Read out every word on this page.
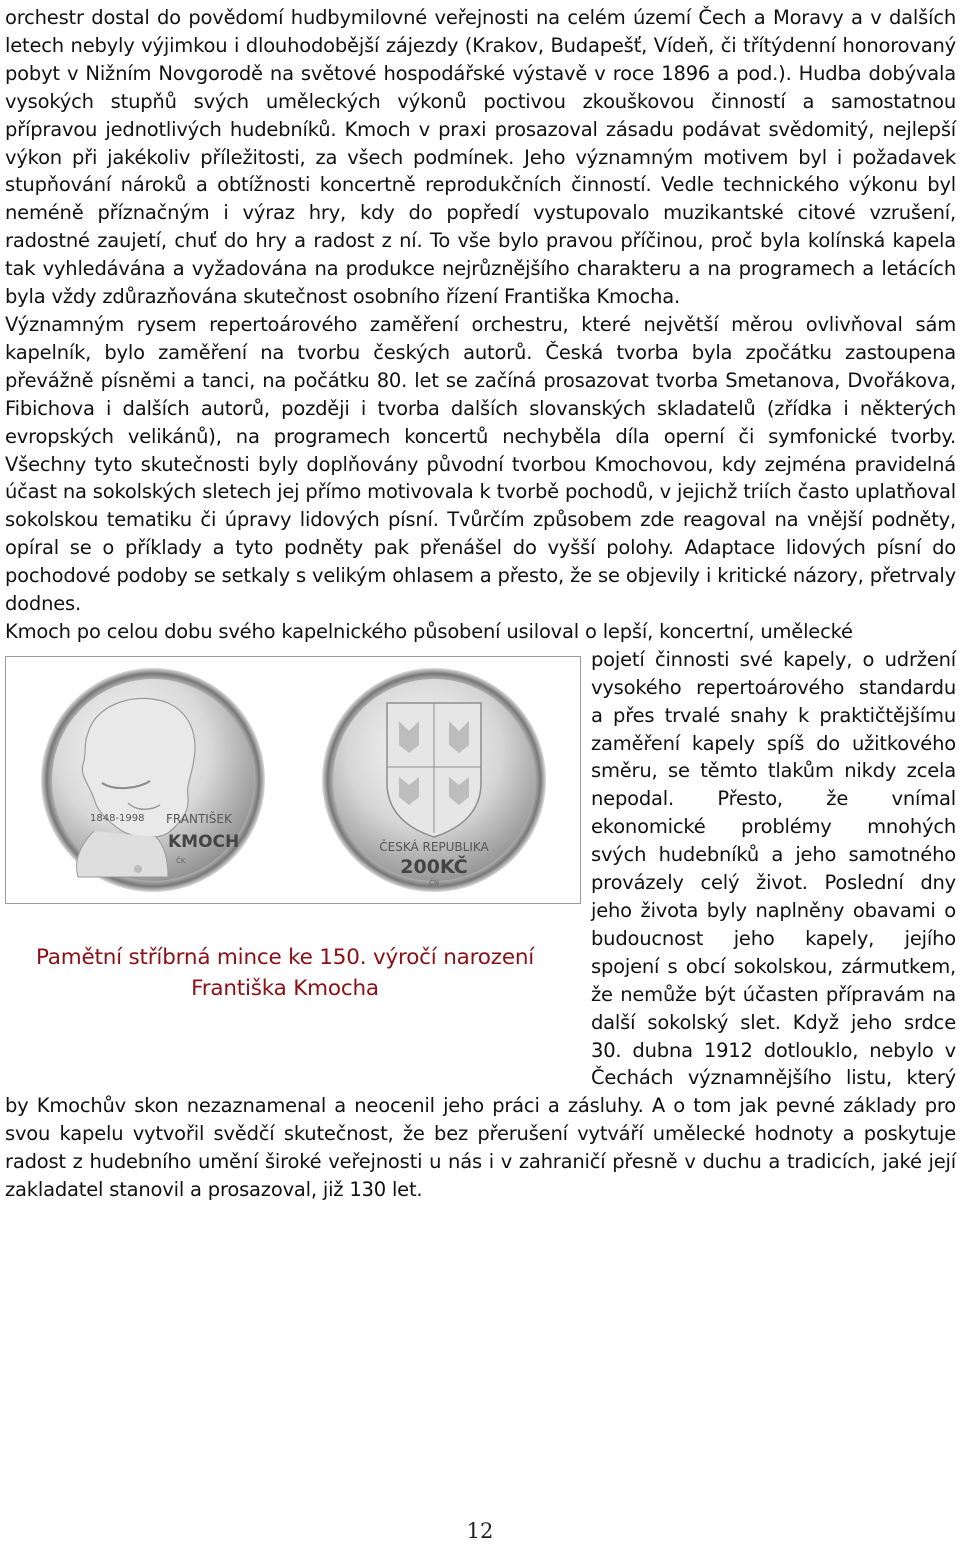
orchestr dostal do povědomí hudbymilovné veřejnosti na celém území Čech a Moravy a v dalších letech nebyly výjimkou i dlouhodobější zájezdy (Krakov, Budapešť, Vídeň, či třítýdenní honorovaný pobyt v Nižním Novgorodě na světové hospodářské výstavě v roce 1896 a pod.). Hudba dobývala vysokých stupňů svých uměleckých výkonů poctivou zkouškovou činností a samostatnou přípravou jednotlivých hudebníků. Kmoch v praxi prosazoval zásadu podávat svědomitý, nejlepší výkon při jakékoliv příležitosti, za všech podmínek. Jeho významným motivem byl i požadavek stupňování nároků a obtížnosti koncertně reprodukčních činností. Vedle technického výkonu byl neméně příznačným i výraz hry, kdy do popředí vystupovalo muzikantské citové vzrušení, radostné zaujetí, chuť do hry a radost z ní. To vše bylo pravou příčinou, proč byla kolínská kapela tak vyhledávána a vyžadována na produkce nejrůznějšího charakteru a na programech a letácích byla vždy zdůrazňována skutečnost osobního řízení Františka Kmocha.

Významným rysem repertoárového zaměření orchestru, které největší měrou ovlivňoval sám kapelník, bylo zaměření na tvorbu českých autorů. Česká tvorba byla zpočátku zastoupena převážně písněmi a tanci, na počátku 80. let se začíná prosazovat tvorba Smetanova, Dvořákova, Fibichova i dalších autorů, později i tvorba dalších slovanských skladatelů (zřídka i některých evropských velikánů), na programech koncertů nechyběla díla operní či symfonické tvorby. Všechny tyto skutečnosti byly doplňovány původní tvorbou Kmochovou, kdy zejména pravidelná účast na sokolských sletech jej přímo motivovala k tvorbě pochodů, v jejichž triích často uplatňoval sokolskou tematiku či úpravy lidových písní. Tvůrčím způsobem zde reagoval na vnější podněty, opíral se o příklady a tyto podněty pak přenášel do vyšší polohy. Adaptace lidových písní do pochodové podoby se setkaly s velikým ohlasem a přesto, že se objevily i kritické názory, přetrvaly dodnes.

Kmoch po celou dobu svého kapelnického působení usiloval o lepší, koncertní, umělecké

1848-1998 FRANTIŠEK
KMOCH
ČK
ČESKÁ REPUBLIKA
200KČ
ČN
Pamětní stříbrná mince ke 150. výročí narození Františka Kmocha

pojetí činnosti své kapely, o udržení vysokého repertoárového standardu a přes trvalé snahy k praktičtějšímu zaměření kapely spíš do užitkového směru, se těmto tlakům nikdy zcela nepodal. Přesto, že vnímal ekonomické problémy mnohých svých hudebníků a jeho samotného provázely celý život. Poslední dny jeho života byly naplněny obavami o budoucnost jeho kapely, jejího spojení s obcí sokolskou, zármutkem, že nemůže být účasten přípravám na další sokolský slet. Když jeho srdce 30. dubna 1912 dotlouklo, nebylo v Čechách významnějšího listu, který by Kmochův skon nezaznamenal a neocenil jeho práci a zásluhy. A o tom jak pevné základy pro svou kapelu vytvořil svědčí skutečnost, že bez přerušení vytváří umělecké hodnoty a poskytuje radost z hudebního umění široké veřejnosti u nás i v zahraničí přesně v duchu a tradicích, jaké její zakladatel stanovil a prosazoval, již 130 let.

12
